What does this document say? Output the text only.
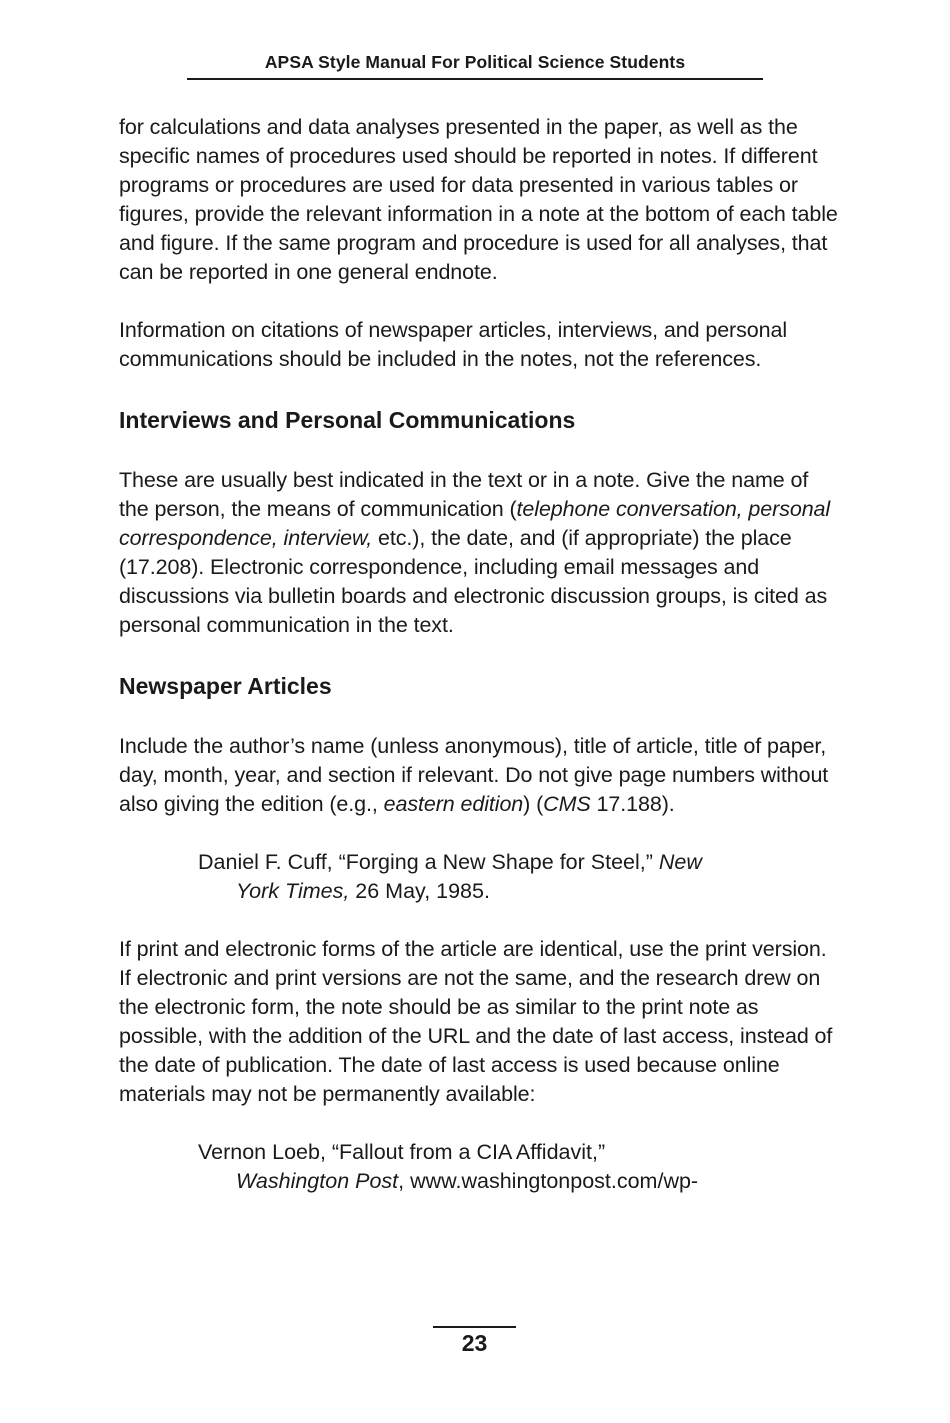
APSA Style Manual For Political Science Students

for calculations and data analyses presented in the paper, as well as the specific names of procedures used should be reported in notes. If different programs or procedures are used for data presented in various tables or figures, provide the relevant information in a note at the bottom of each table and figure. If the same program and procedure is used for all analyses, that can be reported in one general endnote.

Information on citations of newspaper articles, interviews, and personal communications should be included in the notes, not the references.

Interviews and Personal Communications

These are usually best indicated in the text or in a note. Give the name of the person, the means of communication (telephone conversation, personal correspondence, interview, etc.), the date, and (if appropriate) the place (17.208). Electronic correspondence, including email messages and discussions via bulletin boards and electronic discussion groups, is cited as personal communication in the text.

Newspaper Articles

Include the author’s name (unless anonymous), title of article, title of paper, day, month, year, and section if relevant. Do not give page numbers without also giving the edition (e.g., eastern edition) (CMS 17.188).

Daniel F. Cuff, “Forging a New Shape for Steel,” New
York Times, 26 May, 1985.

If print and electronic forms of the article are identical, use the print version. If electronic and print versions are not the same, and the research drew on the electronic form, the note should be as similar to the print note as possible, with the addition of the URL and the date of last access, instead of the date of publication. The date of last access is used because online materials may not be permanently available:

Vernon Loeb, “Fallout from a CIA Affidavit,”
Washington Post, www.washingtonpost.com/wp-

23
